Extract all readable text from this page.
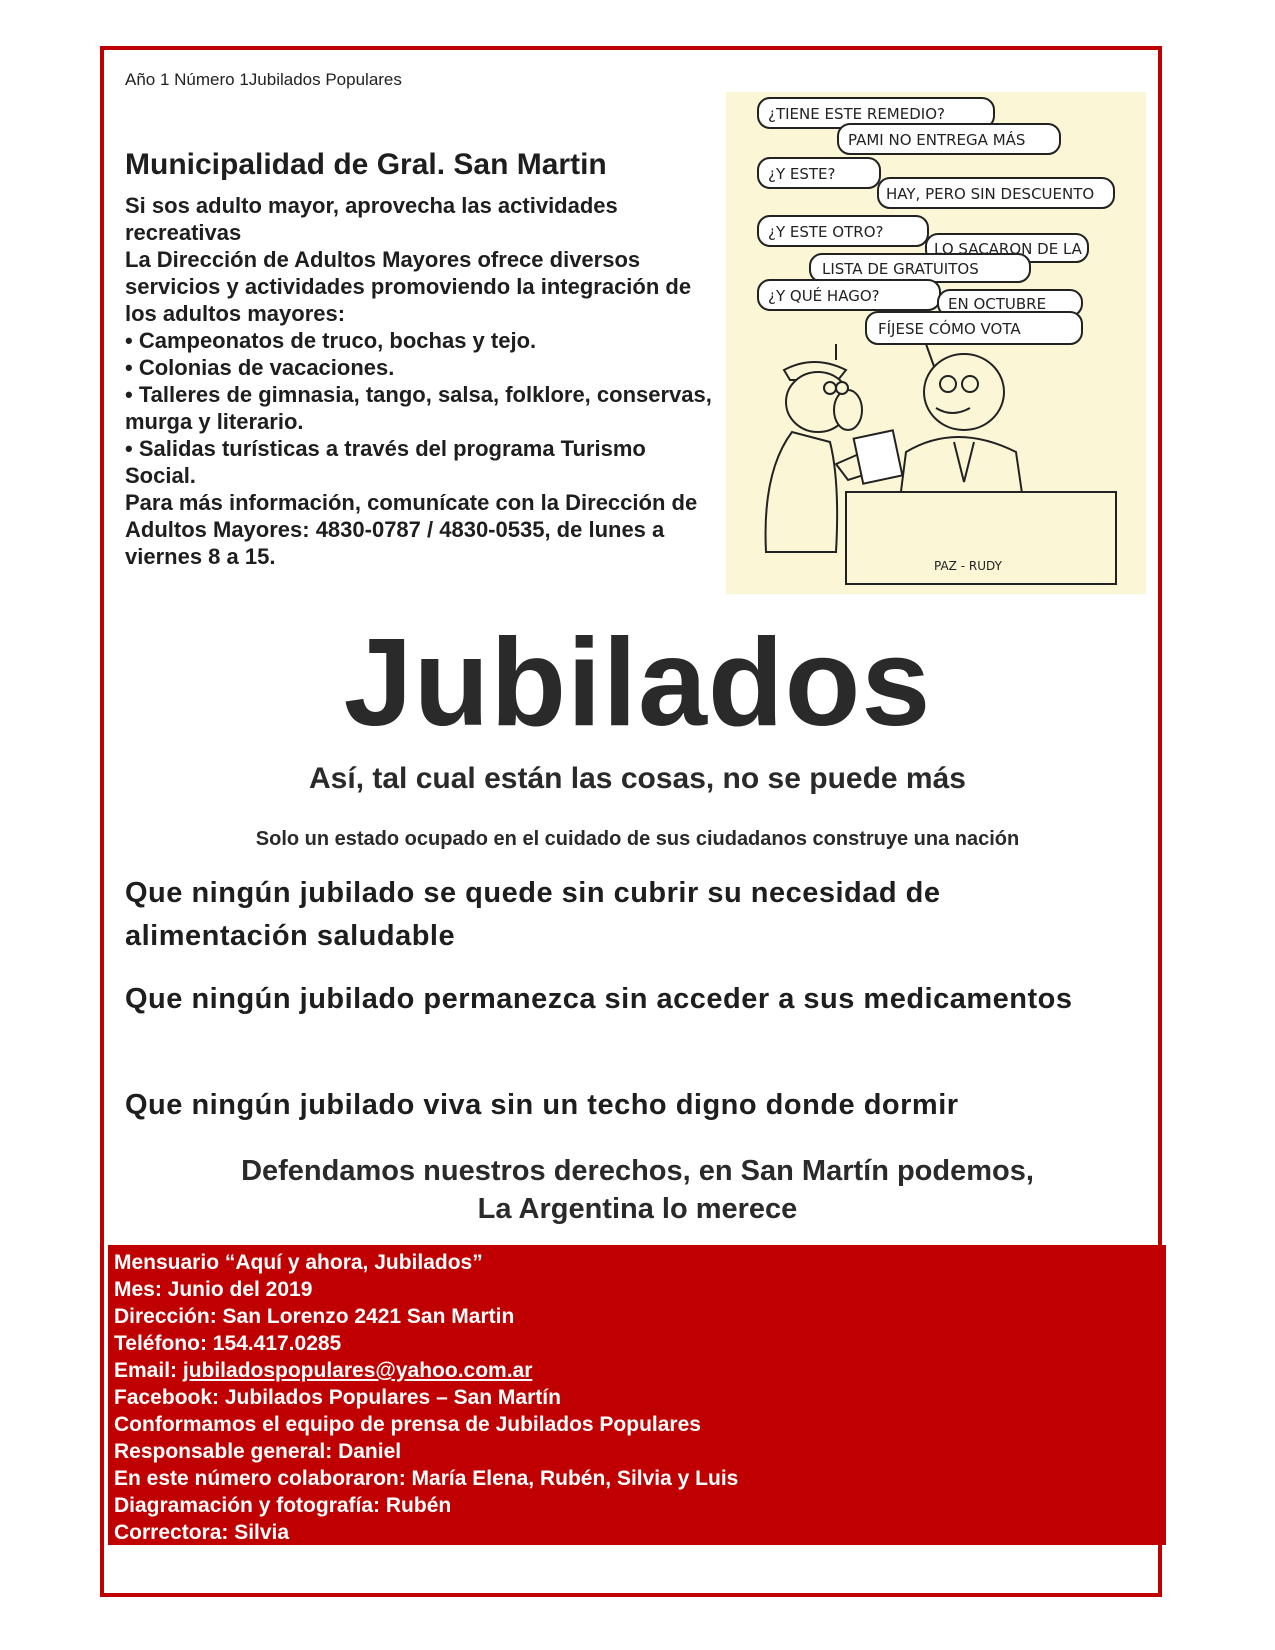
Año 1 Número 1Jubilados Populares
Municipalidad de Gral. San Martin
Si sos adulto mayor, aprovecha las actividades recreativas
La Dirección de Adultos Mayores ofrece diversos servicios y actividades promoviendo la integración de los adultos mayores:
• Campeonatos de truco, bochas y tejo.
• Colonias de vacaciones.
• Talleres de gimnasia, tango, salsa, folklore, conservas, murga y literario.
• Salidas turísticas a través del programa Turismo Social.
Para más información, comunícate con la Dirección de Adultos Mayores: 4830-0787 / 4830-0535, de lunes a viernes 8 a 15.
¿TIENE ESTE REMEDIO?
PAMI NO ENTREGA MÁS
¿Y ESTE?
HAY, PERO SIN DESCUENTO
¿Y ESTE OTRO?
LO SACARON DE LA
LISTA DE GRATUITOS
¿Y QUÉ HAGO?	EN OCTUBRE
FÍJESE CÓMO VOTA
PAZ - RUDY
Jubilados
Así, tal cual están las cosas, no se puede más
Solo un estado ocupado en el cuidado de sus ciudadanos construye una nación
Que ningún jubilado se quede sin cubrir su necesidad de alimentación saludable
Que ningún jubilado permanezca sin acceder a sus medicamentos
Que ningún jubilado viva sin un techo digno donde dormir
Defendamos nuestros derechos, en San Martín podemos,
La Argentina lo merece
Mensuario “Aquí y ahora, Jubilados”
Mes: Junio del 2019
Dirección: San Lorenzo 2421 San Martin
Teléfono: 154.417.0285
Email: jubiladospopulares@yahoo.com.ar
Facebook: Jubilados Populares – San Martín
Conformamos el equipo de prensa de Jubilados Populares
Responsable general: Daniel
En este número colaboraron: María Elena, Rubén, Silvia y Luis
Diagramación y fotografía: Rubén
Correctora: Silvia
